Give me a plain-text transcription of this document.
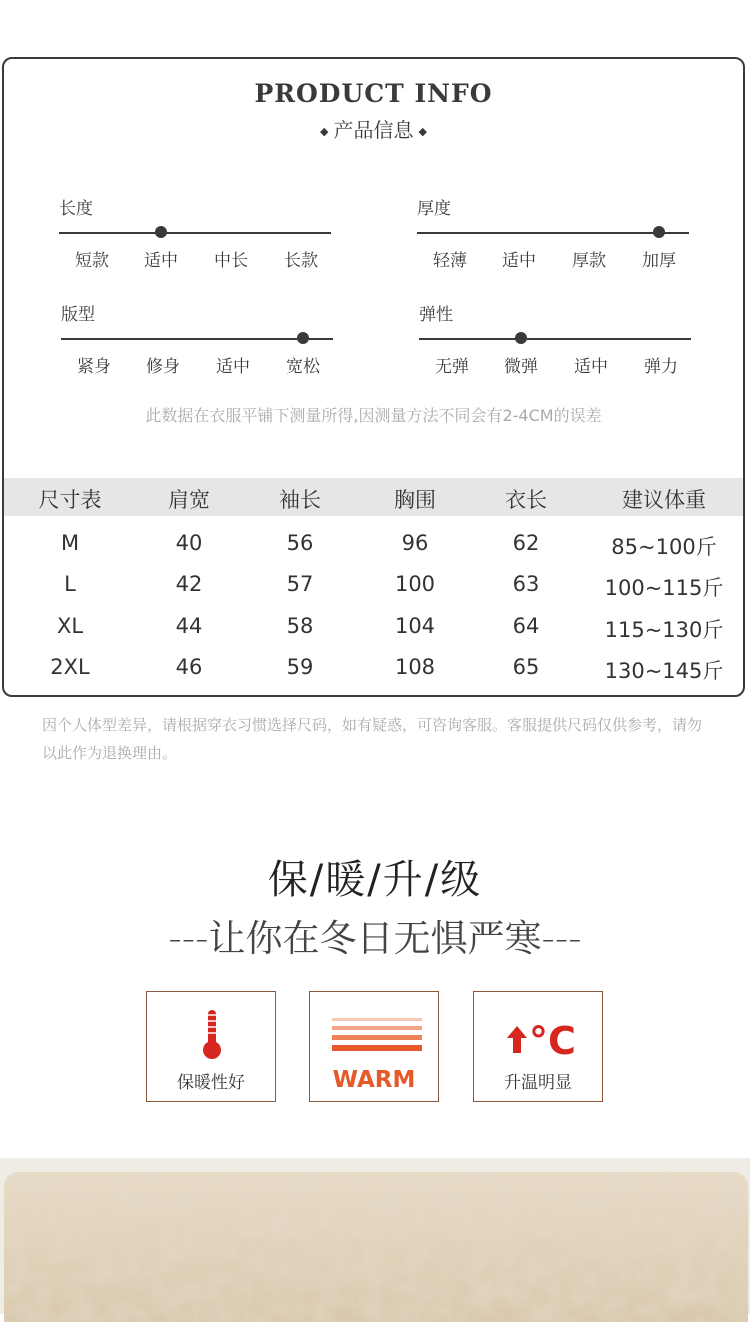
PRODUCT INFO
◆ 产品信息 ◆
长度
短款 适中 中长 长款
厚度
轻薄 适中 厚款 加厚
版型
紧身 修身 适中 宽松
弹性
无弹 微弹 适中 弹力
此数据在衣服平铺下测量所得,因测量方法不同会有2-4CM的误差
尺寸表	肩宽	袖长	胸围	衣长	建议体重
M	40	56	96	62	85~100斤
L	42	57	100	63	100~115斤
XL	44	58	104	64	115~130斤
2XL	46	59	108	65	130~145斤
因个人体型差异，请根据穿衣习惯选择尺码，如有疑惑，可咨询客服。客服提供尺码仅供参考，请勿以此作为退换理由。
保/暖/升/级
---让你在冬日无惧严寒---
保暖性好	WARM
°C
升温明显
